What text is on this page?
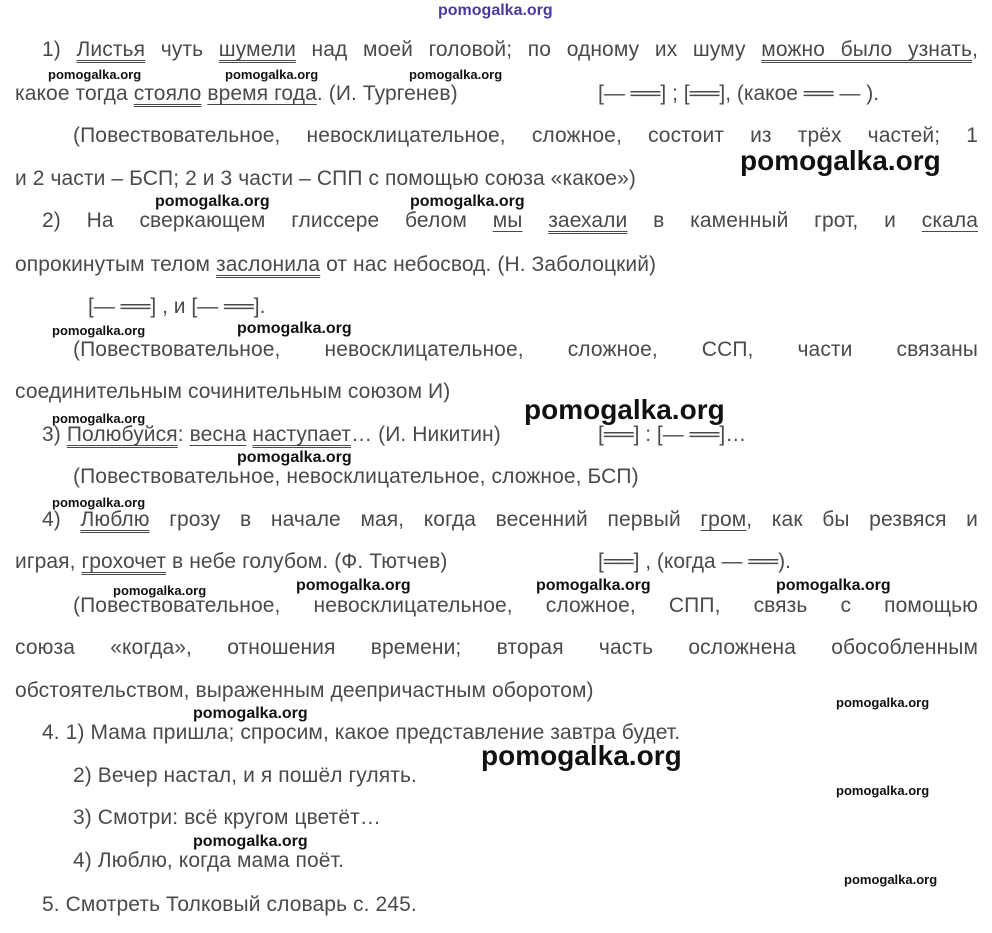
pomogalka.org
1) Листья чуть шумели над моей головой; по одному их шуму можно было узнать,
pomogalka.org	pomogalka.org	pomogalka.org
какое тогда стояло время года. (И. Тургенев)	[— ══] ; [══], (какое ══ — ).
(Повествовательное, невосклицательное, сложное, состоит из трёх частей; 1
и 2 части – БСП; 2 и 3 части – СПП с помощью союза «какое»)
pomogalka.org
pomogalka.org	pomogalka.org
2) На сверкающем глиссере белом мы заехали в каменный грот, и скала
опрокинутым телом заслонила от нас небосвод. (Н. Заболоцкий)
[— ══] , и [— ══].
pomogalka.org	pomogalka.org
(Повествовательное, невосклицательное, сложное, ССП, части связаны
соединительным сочинительным союзом И)
pomogalka.org
pomogalka.org
3) Полюбуйся: весна наступает… (И. Никитин)	[══] : [— ══]…
pomogalka.org
(Повествовательное, невосклицательное, сложное, БСП)
pomogalka.org
4) Люблю грозу в начале мая, когда весенний первый гром, как бы резвяся и
играя, грохочет в небе голубом. (Ф. Тютчев)	[══] , (когда — ══).
pomogalka.org	pomogalka.org	pomogalka.org	pomogalka.org
(Повествовательное, невосклицательное, сложное, СПП, связь с помощью
союза «когда», отношения времени; вторая часть осложнена обособленным
обстоятельством, выраженным деепричастным оборотом)
pomogalka.org
pomogalka.org
4. 1) Мама пришла; спросим, какое представление завтра будет.
pomogalka.org
2) Вечер настал, и я пошёл гулять.
pomogalka.org
3) Смотри: всё кругом цветёт…
pomogalka.org
4) Люблю, когда мама поёт.
pomogalka.org
5. Смотреть Толковый словарь с. 245.
